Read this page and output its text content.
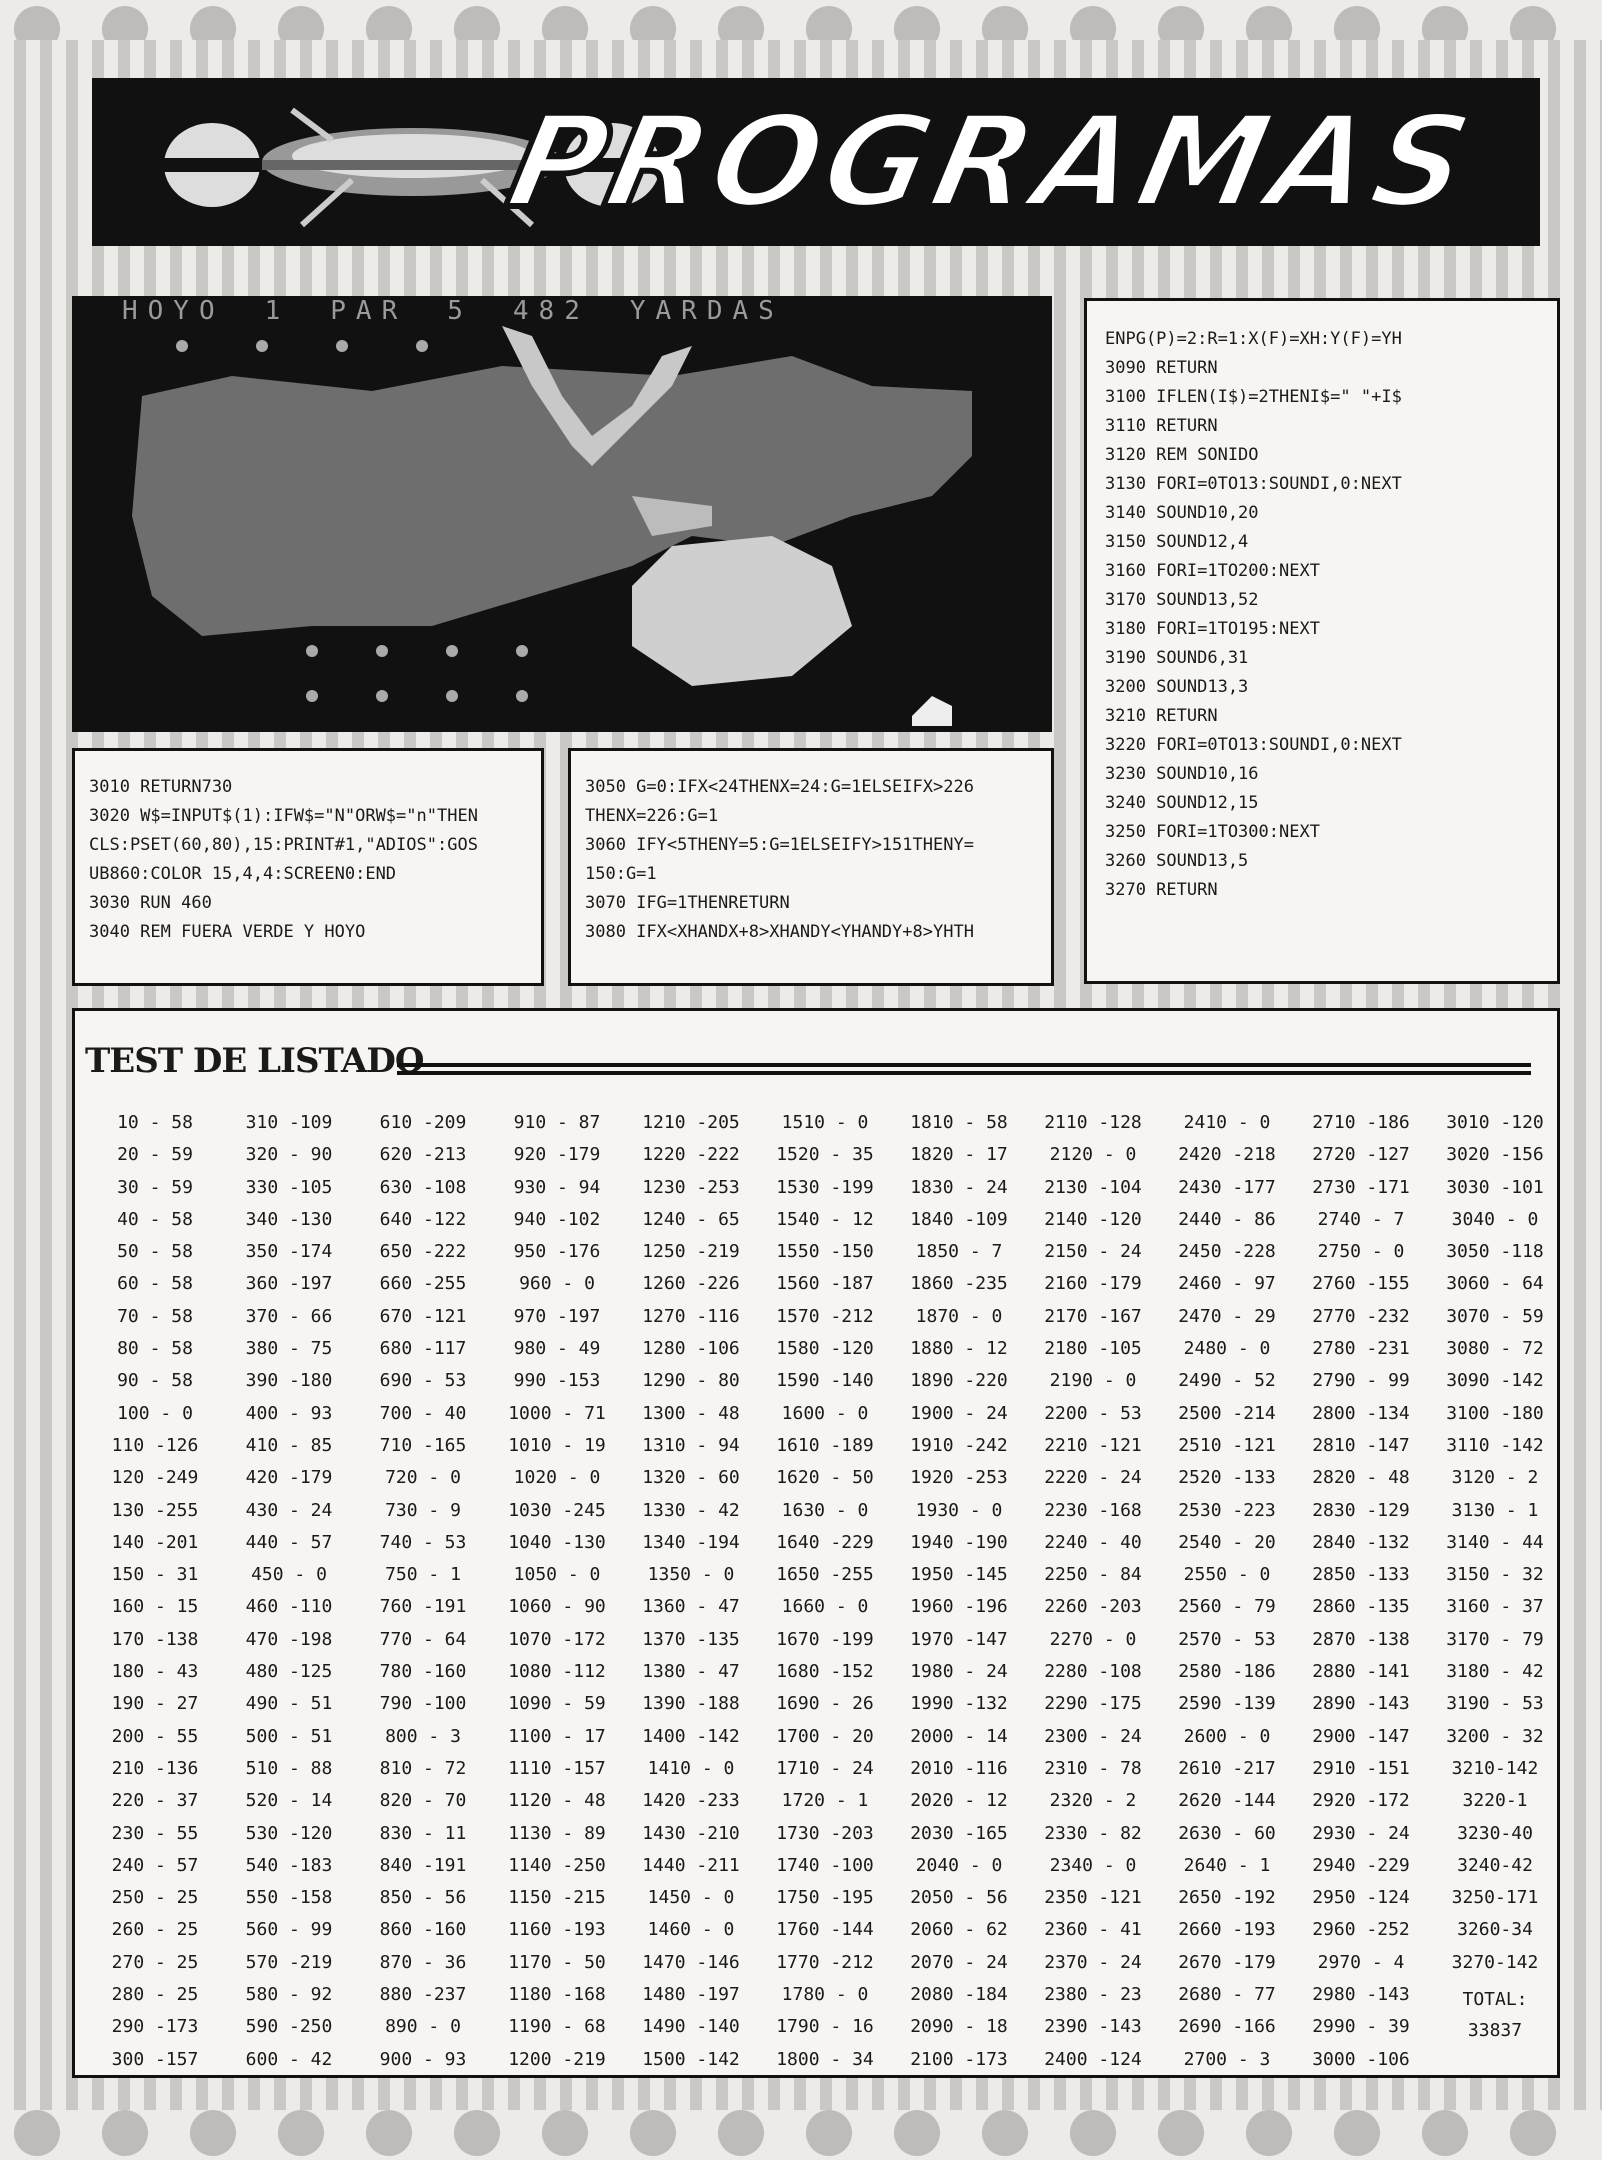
PROGRAMAS
HOYO 1 PAR 5 482 YARDAS
ENPG(P)=2:R=1:X(F)=XH:Y(F)=YH
3090 RETURN
3100 IFLEN(I$)=2THENI$=" "+I$
3110 RETURN
3120 REM SONIDO
3130 FORI=0TO13:SOUNDI,0:NEXT
3140 SOUND10,20
3150 SOUND12,4
3160 FORI=1TO200:NEXT
3170 SOUND13,52
3180 FORI=1TO195:NEXT
3190 SOUND6,31
3200 SOUND13,3
3210 RETURN
3220 FORI=0TO13:SOUNDI,0:NEXT
3230 SOUND10,16
3240 SOUND12,15
3250 FORI=1TO300:NEXT
3260 SOUND13,5
3270 RETURN
3010 RETURN730
3020 W$=INPUT$(1):IFW$="N"ORW$="n"THEN
CLS:PSET(60,80),15:PRINT#1,"ADIOS":GOS
UB860:COLOR 15,4,4:SCREEN0:END
3030 RUN 460
3040 REM FUERA VERDE Y HOYO
3050 G=0:IFX<24THENX=24:G=1ELSEIFX>226
THENX=226:G=1
3060 IFY<5THENY=5:G=1ELSEIFY>151THENY=
150:G=1
3070 IFG=1THENRETURN
3080 IFX<XHANDX+8>XHANDY<YHANDY+8>YHTH
TEST DE LISTADO
10 - 58
20 - 59
30 - 59
40 - 58
50 - 58
60 - 58
70 - 58
80 - 58
90 - 58
100 - 0
110 -126
120 -249
130 -255
140 -201
150 - 31
160 - 15
170 -138
180 - 43
190 - 27
200 - 55
210 -136
220 - 37
230 - 55
240 - 57
250 - 25
260 - 25
270 - 25
280 - 25
290 -173
300 -157
310 -109
320 - 90
330 -105
340 -130
350 -174
360 -197
370 - 66
380 - 75
390 -180
400 - 93
410 - 85
420 -179
430 - 24
440 - 57
450 - 0
460 -110
470 -198
480 -125
490 - 51
500 - 51
510 - 88
520 - 14
530 -120
540 -183
550 -158
560 - 99
570 -219
580 - 92
590 -250
600 - 42
610 -209
620 -213
630 -108
640 -122
650 -222
660 -255
670 -121
680 -117
690 - 53
700 - 40
710 -165
720 - 0
730 - 9
740 - 53
750 - 1
760 -191
770 - 64
780 -160
790 -100
800 - 3
810 - 72
820 - 70
830 - 11
840 -191
850 - 56
860 -160
870 - 36
880 -237
890 - 0
900 - 93
910 - 87
920 -179
930 - 94
940 -102
950 -176
960 - 0
970 -197
980 - 49
990 -153
1000 - 71
1010 - 19
1020 - 0
1030 -245
1040 -130
1050 - 0
1060 - 90
1070 -172
1080 -112
1090 - 59
1100 - 17
1110 -157
1120 - 48
1130 - 89
1140 -250
1150 -215
1160 -193
1170 - 50
1180 -168
1190 - 68
1200 -219
1210 -205
1220 -222
1230 -253
1240 - 65
1250 -219
1260 -226
1270 -116
1280 -106
1290 - 80
1300 - 48
1310 - 94
1320 - 60
1330 - 42
1340 -194
1350 - 0
1360 - 47
1370 -135
1380 - 47
1390 -188
1400 -142
1410 - 0
1420 -233
1430 -210
1440 -211
1450 - 0
1460 - 0
1470 -146
1480 -197
1490 -140
1500 -142
1510 - 0
1520 - 35
1530 -199
1540 - 12
1550 -150
1560 -187
1570 -212
1580 -120
1590 -140
1600 - 0
1610 -189
1620 - 50
1630 - 0
1640 -229
1650 -255
1660 - 0
1670 -199
1680 -152
1690 - 26
1700 - 20
1710 - 24
1720 - 1
1730 -203
1740 -100
1750 -195
1760 -144
1770 -212
1780 - 0
1790 - 16
1800 - 34
1810 - 58
1820 - 17
1830 - 24
1840 -109
1850 - 7
1860 -235
1870 - 0
1880 - 12
1890 -220
1900 - 24
1910 -242
1920 -253
1930 - 0
1940 -190
1950 -145
1960 -196
1970 -147
1980 - 24
1990 -132
2000 - 14
2010 -116
2020 - 12
2030 -165
2040 - 0
2050 - 56
2060 - 62
2070 - 24
2080 -184
2090 - 18
2100 -173
2110 -128
2120 - 0
2130 -104
2140 -120
2150 - 24
2160 -179
2170 -167
2180 -105
2190 - 0
2200 - 53
2210 -121
2220 - 24
2230 -168
2240 - 40
2250 - 84
2260 -203
2270 - 0
2280 -108
2290 -175
2300 - 24
2310 - 78
2320 - 2
2330 - 82
2340 - 0
2350 -121
2360 - 41
2370 - 24
2380 - 23
2390 -143
2400 -124
2410 - 0
2420 -218
2430 -177
2440 - 86
2450 -228
2460 - 97
2470 - 29
2480 - 0
2490 - 52
2500 -214
2510 -121
2520 -133
2530 -223
2540 - 20
2550 - 0
2560 - 79
2570 - 53
2580 -186
2590 -139
2600 - 0
2610 -217
2620 -144
2630 - 60
2640 - 1
2650 -192
2660 -193
2670 -179
2680 - 77
2690 -166
2700 - 3
2710 -186
2720 -127
2730 -171
2740 - 7
2750 - 0
2760 -155
2770 -232
2780 -231
2790 - 99
2800 -134
2810 -147
2820 - 48
2830 -129
2840 -132
2850 -133
2860 -135
2870 -138
2880 -141
2890 -143
2900 -147
2910 -151
2920 -172
2930 - 24
2940 -229
2950 -124
2960 -252
2970 - 4
2980 -143
2990 - 39
3000 -106
3010 -120
3020 -156
3030 -101
3040 - 0
3050 -118
3060 - 64
3070 - 59
3080 - 72
3090 -142
3100 -180
3110 -142
3120 - 2
3130 - 1
3140 - 44
3150 - 32
3160 - 37
3170 - 79
3180 - 42
3190 - 53
3200 - 32
3210-142
3220-1
3230-40
3240-42
3250-171
3260-34
3270-142
TOTAL:
33837
